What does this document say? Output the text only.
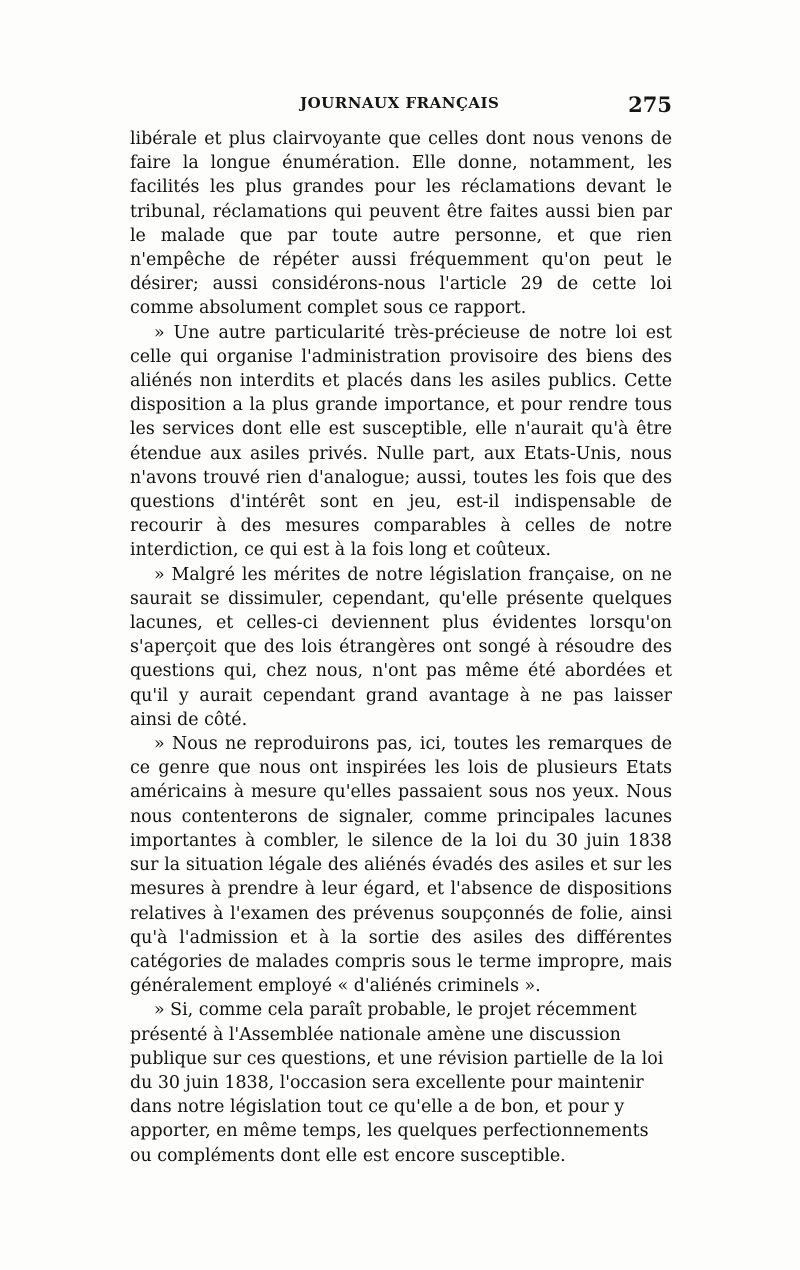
JOURNAUX FRANÇAIS	275

libérale et plus clairvoyante que celles dont nous venons de faire la longue énumération. Elle donne, notamment, les facilités les plus grandes pour les réclamations devant le tribunal, réclamations qui peuvent être faites aussi bien par le malade que par toute autre personne, et que rien n'empêche de répéter aussi fréquemment qu'on peut le désirer; aussi considérons-nous l'article 29 de cette loi comme absolument complet sous ce rapport.

» Une autre particularité très-précieuse de notre loi est celle qui organise l'administration provisoire des biens des aliénés non interdits et placés dans les asiles publics. Cette disposition a la plus grande importance, et pour rendre tous les services dont elle est susceptible, elle n'aurait qu'à être étendue aux asiles privés. Nulle part, aux Etats-Unis, nous n'avons trouvé rien d'analogue; aussi, toutes les fois que des questions d'intérêt sont en jeu, est-il indispensable de recourir à des mesures comparables à celles de notre interdiction, ce qui est à la fois long et coûteux.

» Malgré les mérites de notre législation française, on ne saurait se dissimuler, cependant, qu'elle présente quelques lacunes, et celles-ci deviennent plus évidentes lorsqu'on s'aperçoit que des lois étrangères ont songé à résoudre des questions qui, chez nous, n'ont pas même été abordées et qu'il y aurait cependant grand avantage à ne pas laisser ainsi de côté.

» Nous ne reproduirons pas, ici, toutes les remarques de ce genre que nous ont inspirées les lois de plusieurs Etats américains à mesure qu'elles passaient sous nos yeux. Nous nous contenterons de signaler, comme principales lacunes importantes à combler, le silence de la loi du 30 juin 1838 sur la situation légale des aliénés évadés des asiles et sur les mesures à prendre à leur égard, et l'absence de dispositions relatives à l'examen des prévenus soupçonnés de folie, ainsi qu'à l'admission et à la sortie des asiles des différentes catégories de malades compris sous le terme impropre, mais généralement employé « d'aliénés criminels ».

» Si, comme cela paraît probable, le projet récemment présenté à l'Assemblée nationale amène une discussion publique sur ces questions, et une révision partielle de la loi du 30 juin 1838, l'occasion sera excellente pour maintenir dans notre législation tout ce qu'elle a de bon, et pour y apporter, en même temps, les quelques perfectionnements ou compléments dont elle est encore susceptible.
